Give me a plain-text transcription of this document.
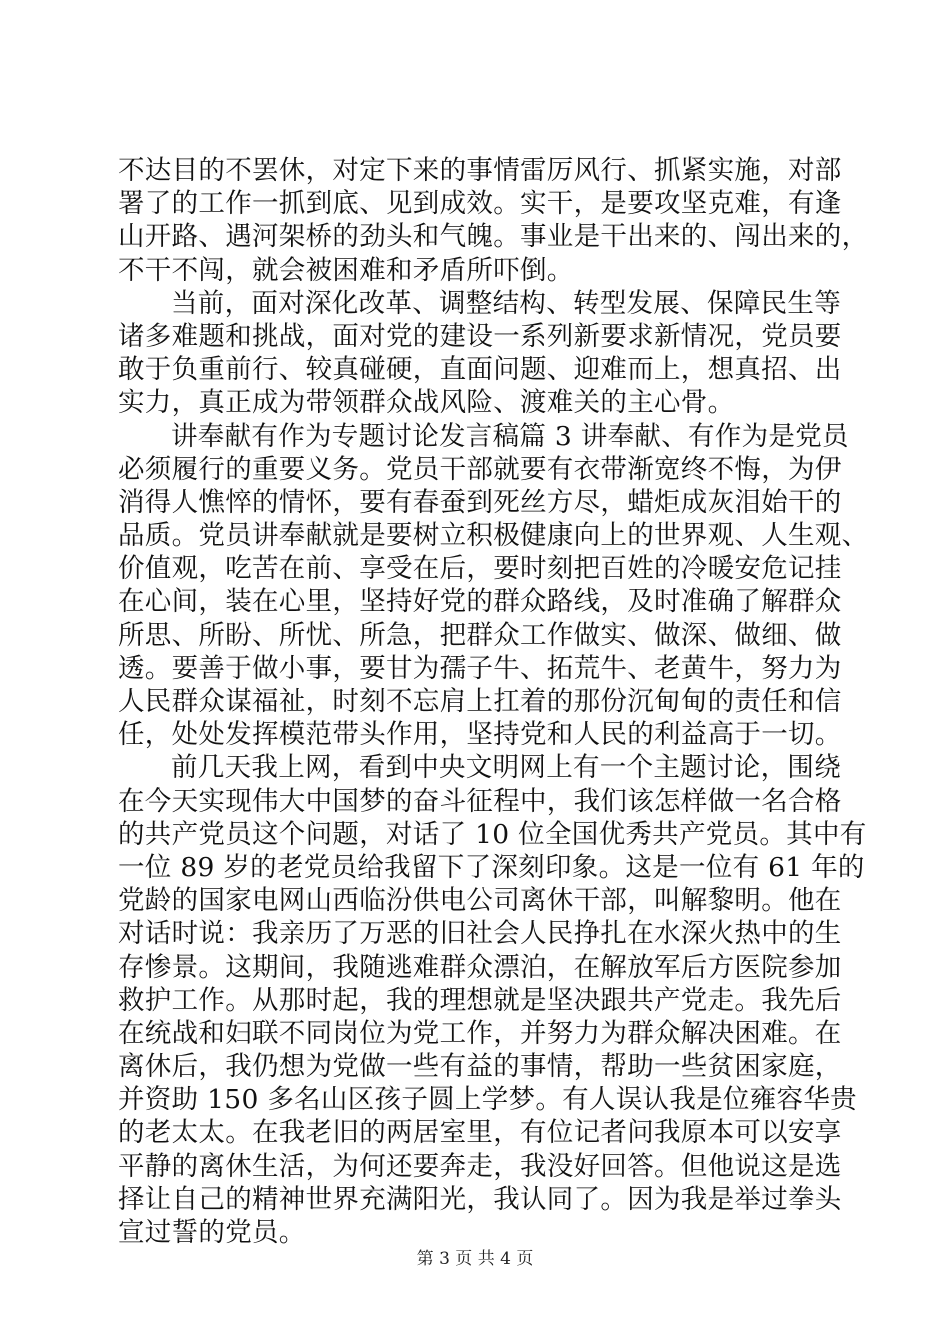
不达目的不罢休，对定下来的事情雷厉风行、抓紧实施，对部
署了的工作一抓到底、见到成效。实干，是要攻坚克难，有逢
山开路、遇河架桥的劲头和气魄。事业是干出来的、闯出来的，
不干不闯，就会被困难和矛盾所吓倒。
当前，面对深化改革、调整结构、转型发展、保障民生等
诸多难题和挑战，面对党的建设一系列新要求新情况，党员要
敢于负重前行、较真碰硬，直面问题、迎难而上，想真招、出
实力，真正成为带领群众战风险、渡难关的主心骨。
讲奉献有作为专题讨论发言稿篇 3 讲奉献、有作为是党员
必须履行的重要义务。党员干部就要有衣带渐宽终不悔，为伊
消得人憔悴的情怀，要有春蚕到死丝方尽，蜡炬成灰泪始干的
品质。党员讲奉献就是要树立积极健康向上的世界观、人生观、
价值观，吃苦在前、享受在后，要时刻把百姓的冷暖安危记挂
在心间，装在心里，坚持好党的群众路线，及时准确了解群众
所思、所盼、所忧、所急，把群众工作做实、做深、做细、做
透。要善于做小事，要甘为孺子牛、拓荒牛、老黄牛，努力为
人民群众谋福祉，时刻不忘肩上扛着的那份沉甸甸的责任和信
任，处处发挥模范带头作用，坚持党和人民的利益高于一切。
前几天我上网，看到中央文明网上有一个主题讨论，围绕
在今天实现伟大中国梦的奋斗征程中，我们该怎样做一名合格
的共产党员这个问题，对话了 10 位全国优秀共产党员。其中有
一位 89 岁的老党员给我留下了深刻印象。这是一位有 61 年的
党龄的国家电网山西临汾供电公司离休干部，叫解黎明。他在
对话时说：我亲历了万恶的旧社会人民挣扎在水深火热中的生
存惨景。这期间，我随逃难群众漂泊，在解放军后方医院参加
救护工作。从那时起，我的理想就是坚决跟共产党走。我先后
在统战和妇联不同岗位为党工作，并努力为群众解决困难。在
离休后，我仍想为党做一些有益的事情，帮助一些贫困家庭，
并资助 150 多名山区孩子圆上学梦。有人误认我是位雍容华贵
的老太太。在我老旧的两居室里，有位记者问我原本可以安享
平静的离休生活，为何还要奔走，我没好回答。但他说这是选
择让自己的精神世界充满阳光，我认同了。因为我是举过拳头
宣过誓的党员。
第 3 页 共 4 页
